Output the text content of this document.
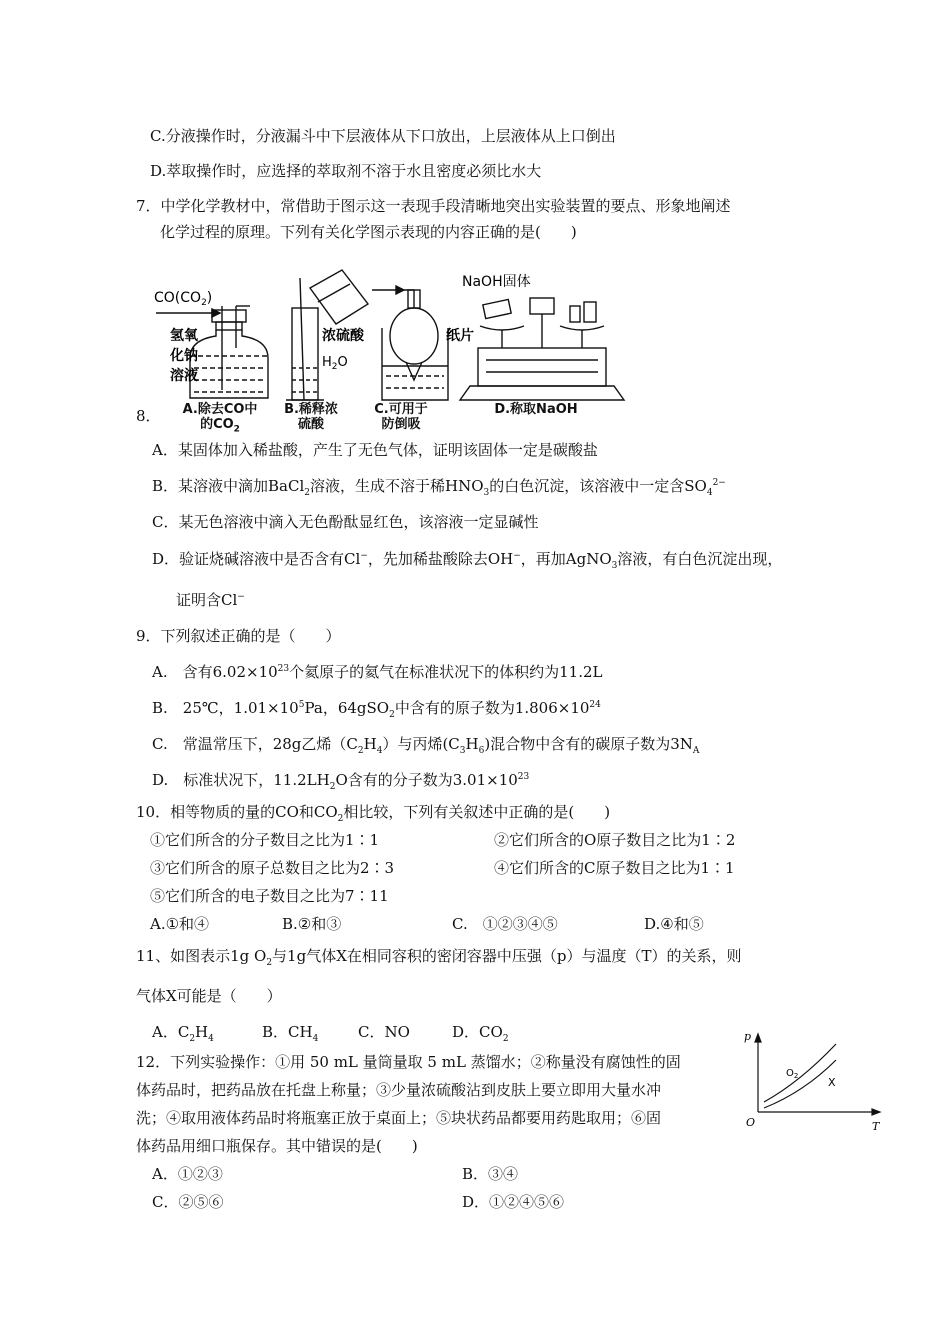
C.分液操作时，分液漏斗中下层液体从下口放出，上层液体从上口倒出
D.萃取操作时，应选择的萃取剂不溶于水且密度必须比水大
7．中学化学教材中，常借助于图示这一表现手段清晰地突出实验装置的要点、形象地阐述
化学过程的原理。下列有关化学图示表现的内容正确的是(　　)
$CO(CO_2)$
氢氧
化钠
溶液
浓硫酸
$H_2O$
NaOH固体
纸片
8．	A.除去CO中
的$CO_2$
B.稀释浓
硫酸
C.可用于
防倒吸
D.称取NaOH
A．某固体加入稀盐酸，产生了无色气体，证明该固体一定是碳酸盐
B．某溶液中滴加BaCl$_2$溶液，生成不溶于稀$HNO_3$的白色沉淀，该溶液中一定含$SO_4^{2-}$
C．某无色溶液中滴入无色酚酞显红色，该溶液一定显碱性
D．验证烧碱溶液中是否含有Cl−，先加稀盐酸除去OH−，再加AgNO$_3$溶液，有白色沉淀出现，
证明含Cl−
9．下列叙述正确的是（　　）
A.　含有$6.02\times 10^{23}$个氦原子的氦气在标准状况下的体积约为11.2L
B.　25℃，$1.01\times 10^5Pa$，64gSO$_2$中含有的原子数为$1.806\times 10^{24}$
C.　常温常压下，28g乙烯$(C_2H_4)$与丙烯$(C_3H_6)$混合物中含有的碳原子数为$3N_A$
D.　标准状况下，$11.2LH_2O$含有的分子数为$3.01\times 10^{23}$
10．相等物质的量的CO和$CO_2$相比较，下列有关叙述中正确的是(　　)
①它们所含的分子数目之比为1∶1	②它们所含的O原子数目之比为1∶2
③它们所含的原子总数目之比为2∶3	④它们所含的C原子数目之比为1∶1
⑤它们所含的电子数目之比为7∶11
A.①和④	B.②和③	C.　①②③④⑤	D.④和⑤
11、如图表示1g $O_2$与1g气体X在相同容积的密闭容器中压强（p）与温度（T）的关系，则
气体X可能是（　　）
A．$C_2H_4$	B．$CH_4$	C．NO	D．$CO_2$	p
$O_2$	X
O	T
12．下列实验操作：①用 50 mL 量筒量取 5 mL 蒸馏水；②称量没有腐蚀性的固
体药品时，把药品放在托盘上称量；③少量浓硫酸沾到皮肤上要立即用大量水冲
洗；④取用液体药品时将瓶塞正放于桌面上；⑤块状药品都要用药匙取用；⑥固
体药品用细口瓶保存。其中错误的是(　　)
A．①②③	B．③④
C．②⑤⑥	D．①②④⑤⑥
